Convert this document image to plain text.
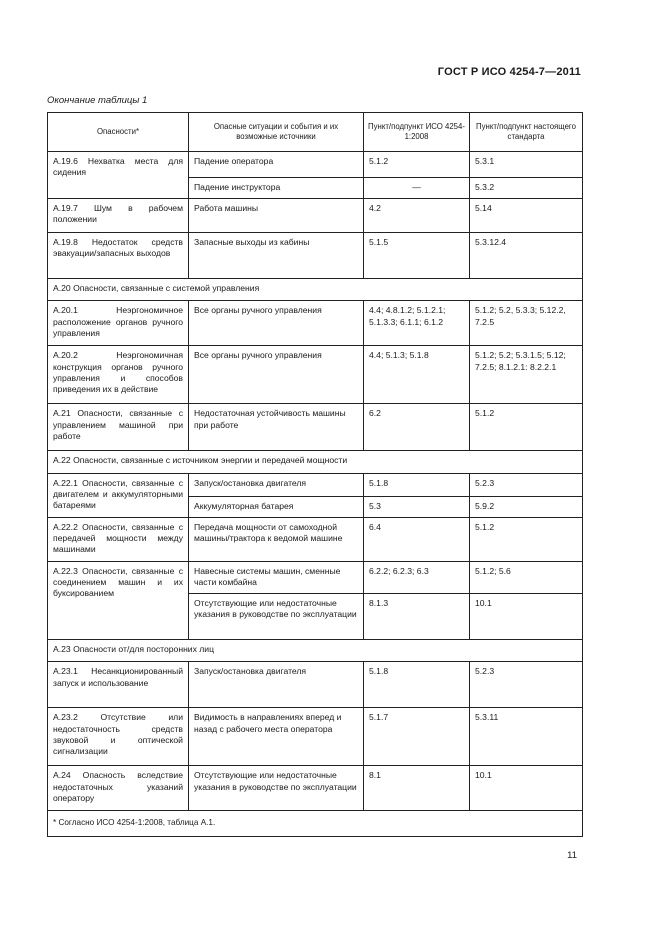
ГОСТ Р ИСО 4254-7—2011
Окончание таблицы 1
Опасности*	Опасные ситуации и события и их возможные источники	Пункт/подпункт ИСО 4254-1:2008	Пункт/подпункт настоящего стандарта
А.19.6 Нехватка места для сидения	Падение оператора	5.1.2	5.3.1
	Падение инструктора	—	5.3.2
А.19.7 Шум в рабочем положении	Работа машины	4.2	5.14
А.19.8 Недостаток средств эвакуации/запасных выходов	Запасные выходы из кабины	5.1.5	5.3.12.4
А.20 Опасности, связанные с системой управления			
А.20.1 Неэргономичное расположение органов ручного управления	Все органы ручного управления	4.4; 4.8.1.2; 5.1.2.1; 5.1.3.3; 6.1.1; 6.1.2	5.1.2; 5.2, 5.3.3; 5.12.2, 7.2.5
А.20.2 Неэргономичная конструкция органов ручного управления и способов приведения их в действие	Все органы ручного управления	4.4; 5.1.3; 5.1.8	5.1.2; 5.2; 5.3.1.5; 5.12; 7.2.5; 8.1.2.1: 8.2.2.1
А.21 Опасности, связанные с управлением машиной при работе	Недостаточная устойчивость машины при работе	6.2	5.1.2
А.22 Опасности, связанные с источником энергии и передачей мощности			
А.22.1 Опасности, связанные с двигателем и аккумуляторными батареями	Запуск/остановка двигателя	5.1.8	5.2.3
	Аккумуляторная батарея	5.3	5.9.2
А.22.2 Опасности, связанные с передачей мощности между машинами	Передача мощности от самоходной машины/трактора к ведомой машине	6.4	5.1.2
А.22.3 Опасности, связанные с соединением машин и их буксированием	Навесные системы машин, сменные части комбайна	6.2.2; 6.2.3; 6.3	5.1.2; 5.6
	Отсутствующие или недостаточные указания в руководстве по эксплуатации	8.1.3	10.1
А.23 Опасности от/для посторонних лиц			
А.23.1 Несанкционированный запуск и использование	Запуск/остановка двигателя	5.1.8	5.2.3
А.23.2 Отсутствие или недостаточность средств звуковой и оптической сигнализации	Видимость в направлениях вперед и назад с рабочего места оператора	5.1.7	5.3.11
А.24 Опасность вследствие недостаточных указаний оператору	Отсутствующие или недостаточные указания в руководстве по эксплуатации	8.1	10.1
* Согласно ИСО 4254-1:2008, таблица А.1.			
11
